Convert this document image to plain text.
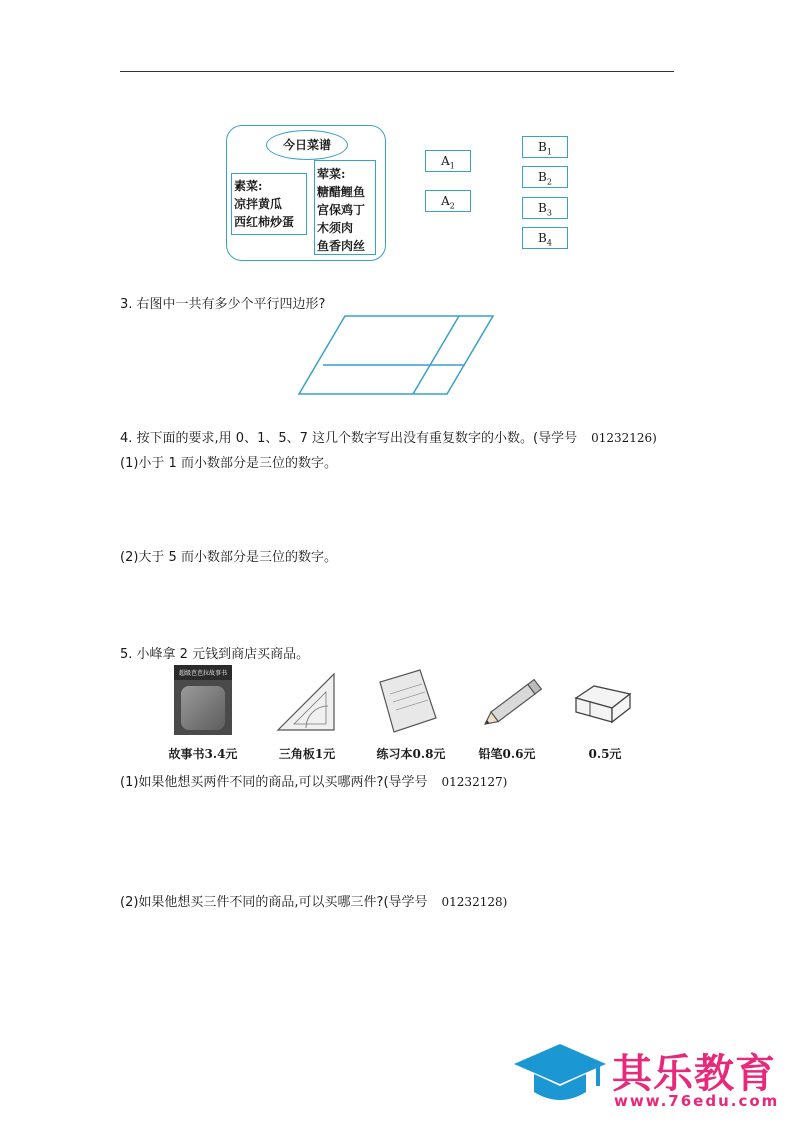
今日菜谱
素菜:
凉拌黄瓜
西红柿炒蛋
荤菜:
糖醋鲤鱼
宫保鸡丁
木须肉
鱼香肉丝
$A_1$
$A_2$
$B_1$
$B_2$
$B_3$
$B_4$
3. 右图中一共有多少个平行四边形?
4. 按下面的要求,用 0、1、5、7 这几个数字写出没有重复数字的小数。(导学号 01232126)
(1)小于 1 而小数部分是三位的数字。
(2)大于 5 而小数部分是三位的数字。
5. 小峰拿 2 元钱到商店买商品。
超级芭芭拉故事书
故事书3.4元	三角板1元	练习本0.8元	铅笔0.6元	0.5元
(1)如果他想买两件不同的商品,可以买哪两件?(导学号 01232127)
(2)如果他想买三件不同的商品,可以买哪三件?(导学号 01232128)
其乐教育
www.76edu.com
